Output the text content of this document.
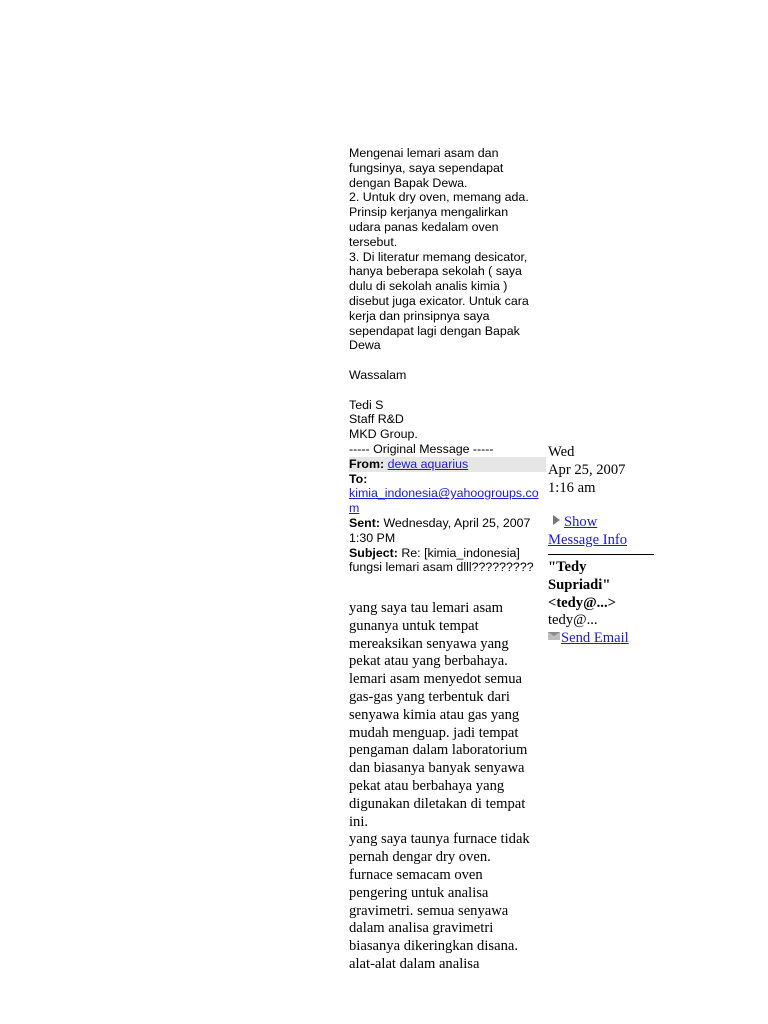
Mengenai lemari asam dan
fungsinya, saya sependapat
dengan Bapak Dewa.
2. Untuk dry oven, memang ada.
Prinsip kerjanya mengalirkan
udara panas kedalam oven
tersebut.
3. Di literatur memang desicator,
hanya beberapa sekolah ( saya
dulu di sekolah analis kimia )
disebut juga exicator. Untuk cara
kerja dan prinsipnya saya
sependapat lagi dengan Bapak
Dewa
Wassalam
Tedi S
Staff R&D
MKD Group.
----- Original Message -----
From: dewa aquarius
To:
kimia_indonesia@yahoogroups.com
Sent: Wednesday, April 25, 2007 1:30 PM
Subject: Re: [kimia_indonesia] fungsi lemari asam dlll?????????
yang saya tau lemari asam
gunanya untuk tempat
mereaksikan senyawa yang
pekat atau yang berbahaya.
lemari asam menyedot semua
gas-gas yang terbentuk dari
senyawa kimia atau gas yang
mudah menguap. jadi tempat
pengaman dalam laboratorium
dan biasanya banyak senyawa
pekat atau berbahaya yang
digunakan diletakan di tempat
ini.
yang saya taunya furnace tidak
pernah dengar dry oven.
furnace semacam oven
pengering untuk analisa
gravimetri. semua senyawa
dalam analisa gravimetri
biasanya dikeringkan disana.
alat-alat dalam analisa
Wed
Apr 25, 2007
1:16 am
Show
Message Info
"Tedy
Supriadi"
<tedy@...>
tedy@...
Send Email
